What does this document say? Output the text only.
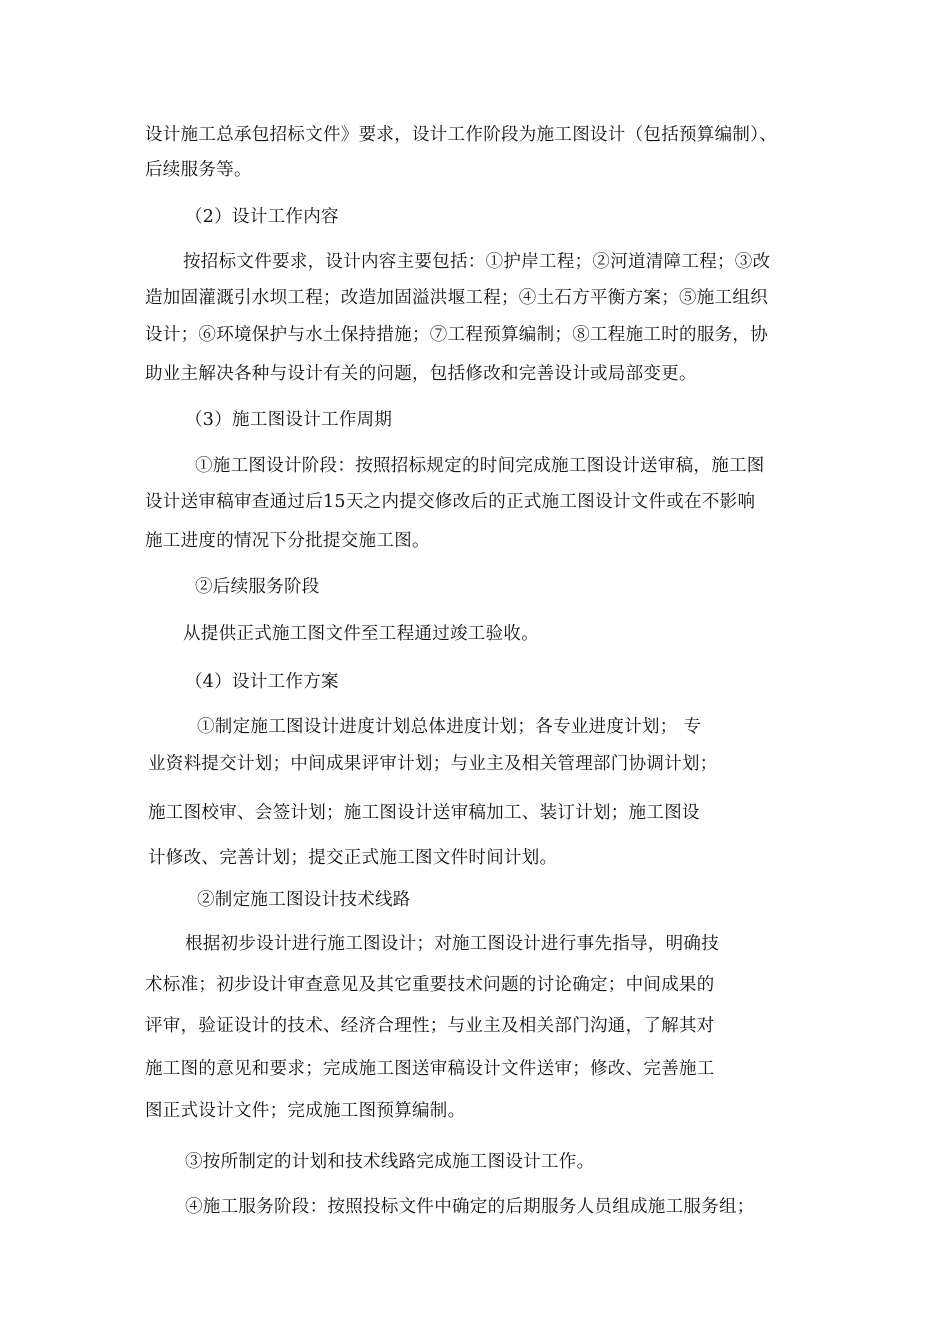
设计施工总承包招标文件》要求，设计工作阶段为施工图设计（包括预算编制）、
后续服务等。
（2）设计工作内容
按招标文件要求，设计内容主要包括：①护岸工程；②河道清障工程；③改
造加固灌溉引水坝工程；改造加固溢洪堰工程；④土石方平衡方案；⑤施工组织
设计；⑥环境保护与水土保持措施；⑦工程预算编制；⑧工程施工时的服务，协
助业主解决各种与设计有关的问题，包括修改和完善设计或局部变更。
（3）施工图设计工作周期
①施工图设计阶段：按照招标规定的时间完成施工图设计送审稿，施工图
设计送审稿审查通过后15天之内提交修改后的正式施工图设计文件或在不影响
施工进度的情况下分批提交施工图。
②后续服务阶段
从提供正式施工图文件至工程通过竣工验收。
（4）设计工作方案
①制定施工图设计进度计划总体进度计划；各专业进度计划； 专
业资料提交计划；中间成果评审计划；与业主及相关管理部门协调计划；
施工图校审、会签计划；施工图设计送审稿加工、装订计划；施工图设
计修改、完善计划；提交正式施工图文件时间计划。
②制定施工图设计技术线路
根据初步设计进行施工图设计；对施工图设计进行事先指导，明确技
术标准；初步设计审查意见及其它重要技术问题的讨论确定；中间成果的
评审，验证设计的技术、经济合理性；与业主及相关部门沟通，了解其对
施工图的意见和要求；完成施工图送审稿设计文件送审；修改、完善施工
图正式设计文件；完成施工图预算编制。
③按所制定的计划和技术线路完成施工图设计工作。
④施工服务阶段：按照投标文件中确定的后期服务人员组成施工服务组；
